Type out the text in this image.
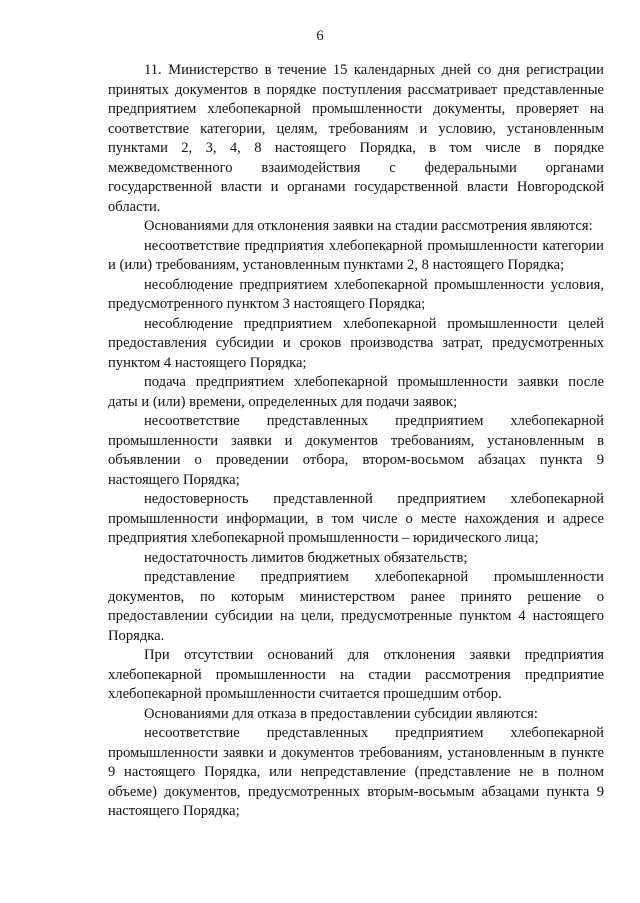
6

11. Министерство в течение 15 календарных дней со дня регистрации принятых документов в порядке поступления рассматривает представленные предприятием хлебопекарной промышленности документы, проверяет на соответствие категории, целям, требованиям и условию, установленным пунктами 2, 3, 4, 8 настоящего Порядка, в том числе в порядке межведомственного взаимодействия с федеральными органами государственной власти и органами государственной власти Новгородской области.

Основаниями для отклонения заявки на стадии рассмотрения являются:

несоответствие предприятия хлебопекарной промышленности категории и (или) требованиям, установленным пунктами 2, 8 настоящего Порядка;

несоблюдение предприятием хлебопекарной промышленности условия, предусмотренного пунктом 3 настоящего Порядка;

несоблюдение предприятием хлебопекарной промышленности целей предоставления субсидии и сроков производства затрат, предусмотренных пунктом 4 настоящего Порядка;

подача предприятием хлебопекарной промышленности заявки после даты и (или) времени, определенных для подачи заявок;

несоответствие представленных предприятием хлебопекарной промышленности заявки и документов требованиям, установленным в объявлении о проведении отбора, втором-восьмом абзацах пункта 9 настоящего Порядка;

недостоверность представленной предприятием хлебопекарной промышленности информации, в том числе о месте нахождения и адресе предприятия хлебопекарной промышленности – юридического лица;

недостаточность лимитов бюджетных обязательств;

представление предприятием хлебопекарной промышленности документов, по которым министерством ранее принято решение о предоставлении субсидии на цели, предусмотренные пунктом 4 настоящего Порядка.

При отсутствии оснований для отклонения заявки предприятия хлебопекарной промышленности на стадии рассмотрения предприятие хлебопекарной промышленности считается прошедшим отбор.

Основаниями для отказа в предоставлении субсидии являются:

несоответствие представленных предприятием хлебопекарной промышленности заявки и документов требованиям, установленным в пункте 9 настоящего Порядка, или непредставление (представление не в полном объеме) документов, предусмотренных вторым-восьмым абзацами пункта 9 настоящего Порядка;
